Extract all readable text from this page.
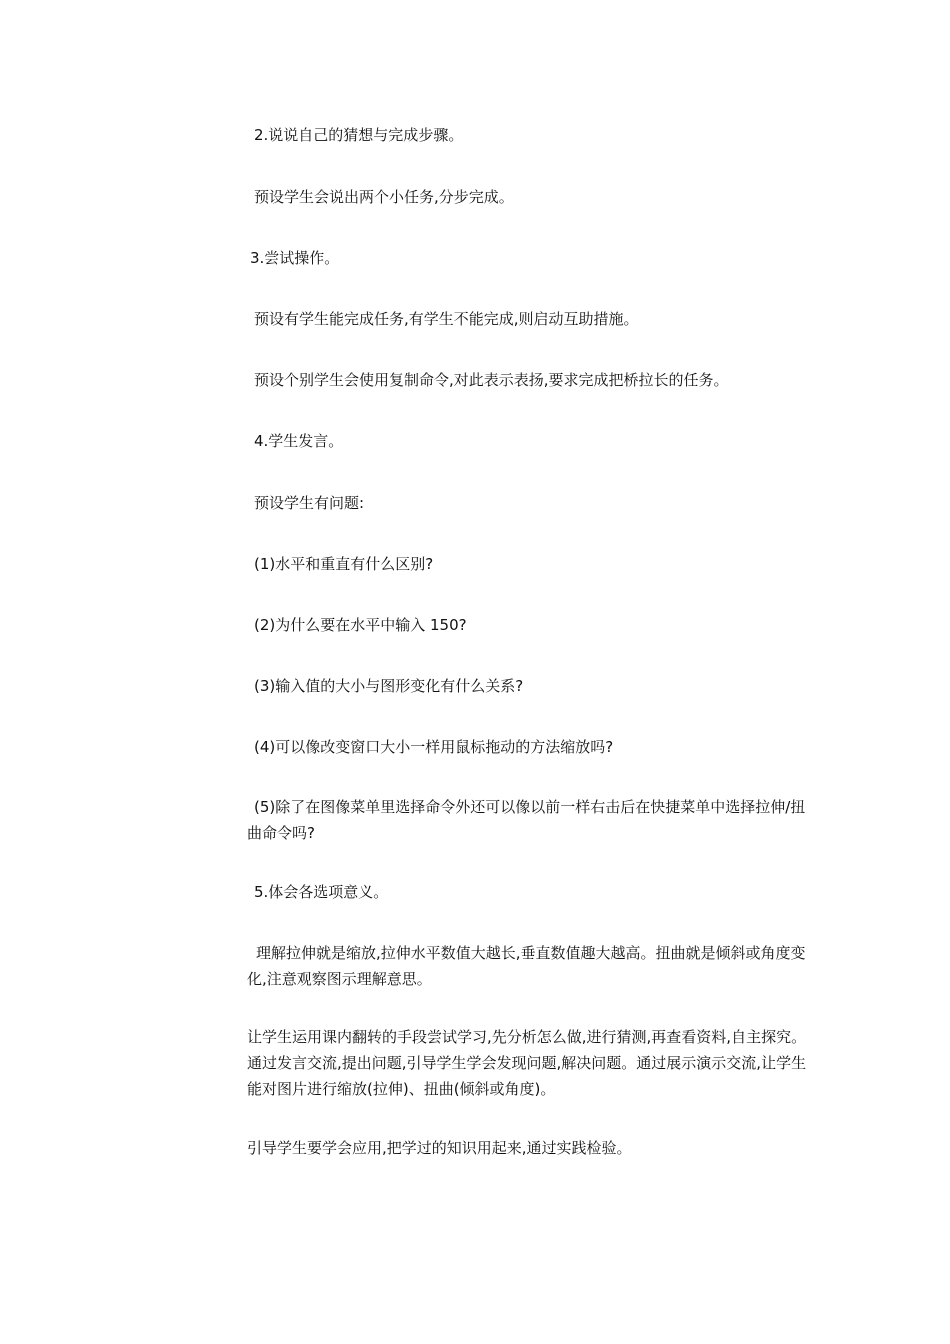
2.说说自己的猜想与完成步骤。

预设学生会说出两个小任务,分步完成。

3.尝试操作。

预设有学生能完成任务,有学生不能完成,则启动互助措施。

预设个别学生会使用复制命令,对此表示表扬,要求完成把桥拉长的任务。

4.学生发言。

预设学生有问题:

(1)水平和重直有什么区别?

(2)为什么要在水平中输入 150?

(3)输入值的大小与图形变化有什么关系?

(4)可以像改变窗口大小一样用鼠标拖动的方法缩放吗?

(5)除了在图像菜单里选择命令外还可以像以前一样右击后在快捷菜单中选择拉伸/扭曲命令吗?

5.体会各选项意义。

理解拉伸就是缩放,拉伸水平数值大越长,垂直数值趣大越高。扭曲就是倾斜或角度变化,注意观察图示理解意思。

让学生运用课内翻转的手段尝试学习,先分析怎么做,进行猜测,再查看资料,自主探究。通过发言交流,提出问题,引导学生学会发现问题,解决问题。通过展示演示交流,让学生能对图片进行缩放(拉伸)、扭曲(倾斜或角度)。

引导学生要学会应用,把学过的知识用起来,通过实践检验。
